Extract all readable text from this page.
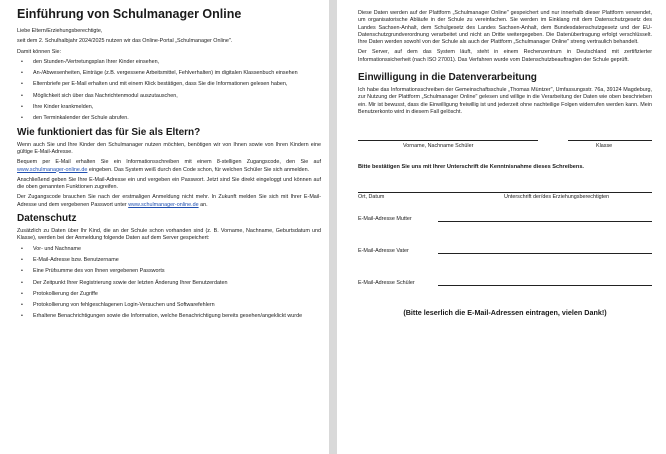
Einführung von Schulmanager Online

Liebe Eltern/Erziehungsberechtigte,

seit dem 2. Schulhalbjahr 2024/2025 nutzen wir das Online-Portal „Schulmanager Online".

Damit können Sie:

• den Stunden-/Vertretungsplan Ihrer Kinder einsehen,
• An-/Abwesenheiten, Einträge (z.B. vergessene Arbeitsmittel, Fehlverhalten) im digitalen Klassenbuch einsehen
• Elternbriefe per E-Mail erhalten und mit einem Klick bestätigen, dass Sie die Informationen gelesen haben,
• Möglichkeit sich über das Nachrichtenmodul auszutauschen,
• Ihre Kinder krankmelden,
• den Terminkalender der Schule abrufen.
Wie funktioniert das für Sie als Eltern?

Wenn auch Sie und Ihre Kinder den Schulmanager nutzen möchten, benötigen wir von Ihnen sowie von Ihren Kindern eine gültige E-Mail-Adresse.

Bequem per E-Mail erhalten Sie ein Informationsschreiben mit einem 8-stelligen Zugangscode, den Sie auf www.schulmanager-online.de eingeben. Das System weiß durch den Code schon, für welchen Schüler Sie sich anmelden.

Anschließend geben Sie Ihre E-Mail-Adresse ein und vergeben ein Passwort. Jetzt sind Sie direkt eingeloggt und können auf die oben genannten Funktionen zugreifen.

Der Zugangscode brauchen Sie nach der erstmaligen Anmeldung nicht mehr. In Zukunft melden Sie sich mit Ihrer E-Mail-Adresse und dem vergebenen Passwort unter www.schulmanager-online.de an.

Datenschutz

Zusätzlich zu Daten über Ihr Kind, die an der Schule schon vorhanden sind (z. B. Vorname, Nachname, Geburtsdatum und Klasse), werden bei der Anmeldung folgende Daten auf dem Server gespeichert:

• Vor- und Nachname
• E-Mail-Adresse bzw. Benutzername
• Eine Prüfsumme des von Ihnen vergebenen Passworts
• Der Zeitpunkt Ihrer Registrierung sowie der letzten Änderung Ihrer Benutzerdaten
• Protokollierung der Zugriffe
• Protokollierung von fehlgeschlagenen Login-Versuchen und Softwarefehlern
• Erhaltene Benachrichtigungen sowie die Information, welche Benachrichtigung bereits gesehen/angeklickt wurde

Diese Daten werden auf der Plattform „Schulmanager Online" gespeichert und nur innerhalb dieser Plattform verwendet, um organisatorische Abläufe in der Schule zu vereinfachen. Sie werden im Einklang mit dem Datenschutzgesetz des Landes Sachsen-Anhalt, dem Schulgesetz des Landes Sachsen-Anhalt, dem Bundesdatenschutzgesetz und der EU-Datenschutzgrundverordnung verarbeitet und nicht an Dritte weitergegeben. Die Datenübertragung erfolgt verschlüsselt. Ihre Daten werden sowohl von der Schule als auch der Plattform „Schulmanager Online" streng vertraulich behandelt.

Der Server, auf dem das System läuft, steht in einem Rechenzentrum in Deutschland mit zertifizierter Informationssicherheit (nach ISO 27001). Das Verfahren wurde vom Datenschutzbeauftragten der Schule geprüft.

Einwilligung in die Datenverarbeitung

Ich habe das Informationsschreiben der Gemeinschaftsschule „Thomas Müntzer", Umfassungsstr. 76a, 39124 Magdeburg, zur Nutzung der Plattform „Schulmanager Online" gelesen und willige in die Verarbeitung der Daten wie oben beschrieben ein. Mir ist bewusst, dass die Einwilligung freiwillig ist und jederzeit ohne nachteilige Folgen widerrufen werden kann. Mein Benutzerkonto wird in diesem Fall gelöscht.

Vorname, Nachname Schüler	Klasse

Bitte bestätigen Sie uns mit Ihrer Unterschrift die Kenntnisnahme dieses Schreibens.

Ort, Datum	Unterschrift der/des Erziehungsberechtigten
E-Mail-Adresse Mutter
E-Mail-Adresse Vater
E-Mail-Adresse Schüler
(Bitte leserlich die E-Mail-Adressen eintragen, vielen Dank!)
